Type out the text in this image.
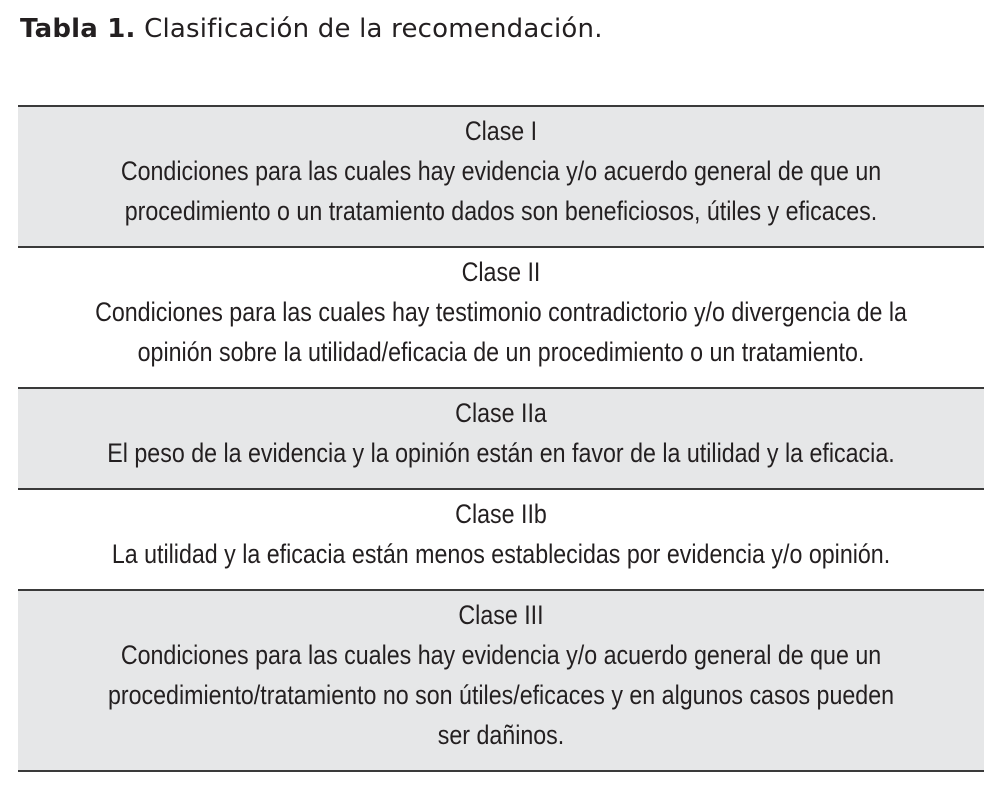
Tabla 1. Clasificación de la recomendación.
Clase I
Condiciones para las cuales hay evidencia y/o acuerdo general de que un
procedimiento o un tratamiento dados son beneficiosos, útiles y eficaces.
Clase II
Condiciones para las cuales hay testimonio contradictorio y/o divergencia de la
opinión sobre la utilidad/eficacia de un procedimiento o un tratamiento.
Clase IIa
El peso de la evidencia y la opinión están en favor de la utilidad y la eficacia.
Clase IIb
La utilidad y la eficacia están menos establecidas por evidencia y/o opinión.
Clase III
Condiciones para las cuales hay evidencia y/o acuerdo general de que un
procedimiento/tratamiento no son útiles/eficaces y en algunos casos pueden
ser dañinos.
